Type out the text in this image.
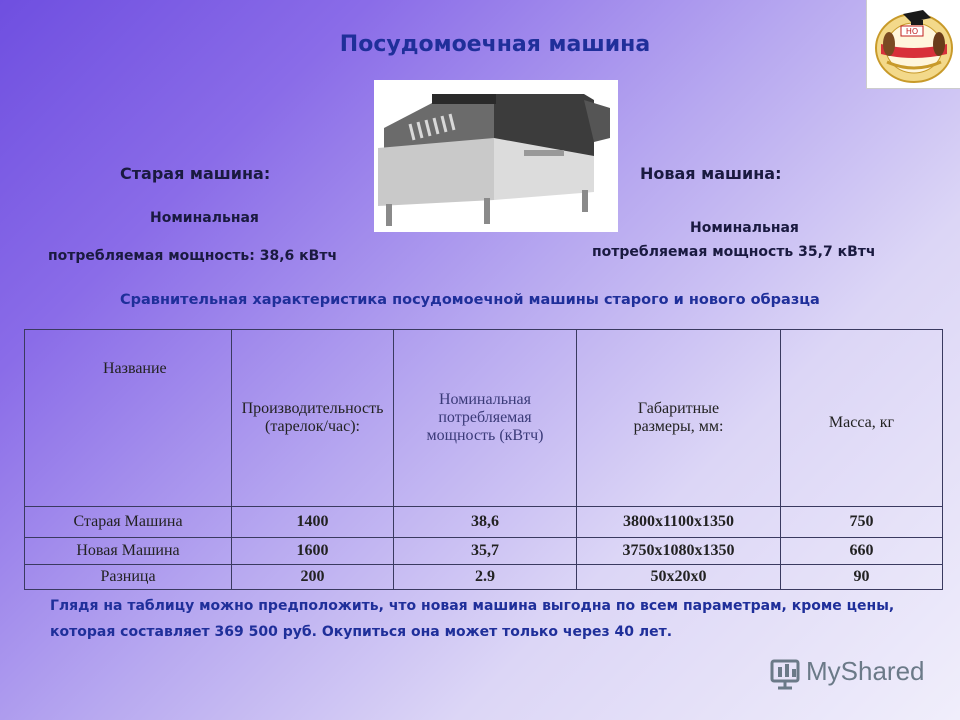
Посудомоечная машина
НО
Старая машина:
Номинальная
потребляемая мощность: 38,6 кВтч
Новая машина:
Номинальная
потребляемая мощность 35,7 кВтч
Сравнительная характеристика посудомоечной машины старого и нового образца
Название	Производительность (тарелок/час):	Номинальная потребляемая мощность (кВтч)	Габаритные размеры, мм:	Масса, кг
Старая Машина	1400	38,6	3800x1100x1350	750
Новая Машина	1600	35,7	3750x1080x1350	660
Разница	200	2.9	50x20x0	90
Глядя на таблицу можно предположить, что новая машина выгодна по всем параметрам, кроме цены, которая составляет 369 500 руб. Окупиться она может только через 40 лет.
MyShared
